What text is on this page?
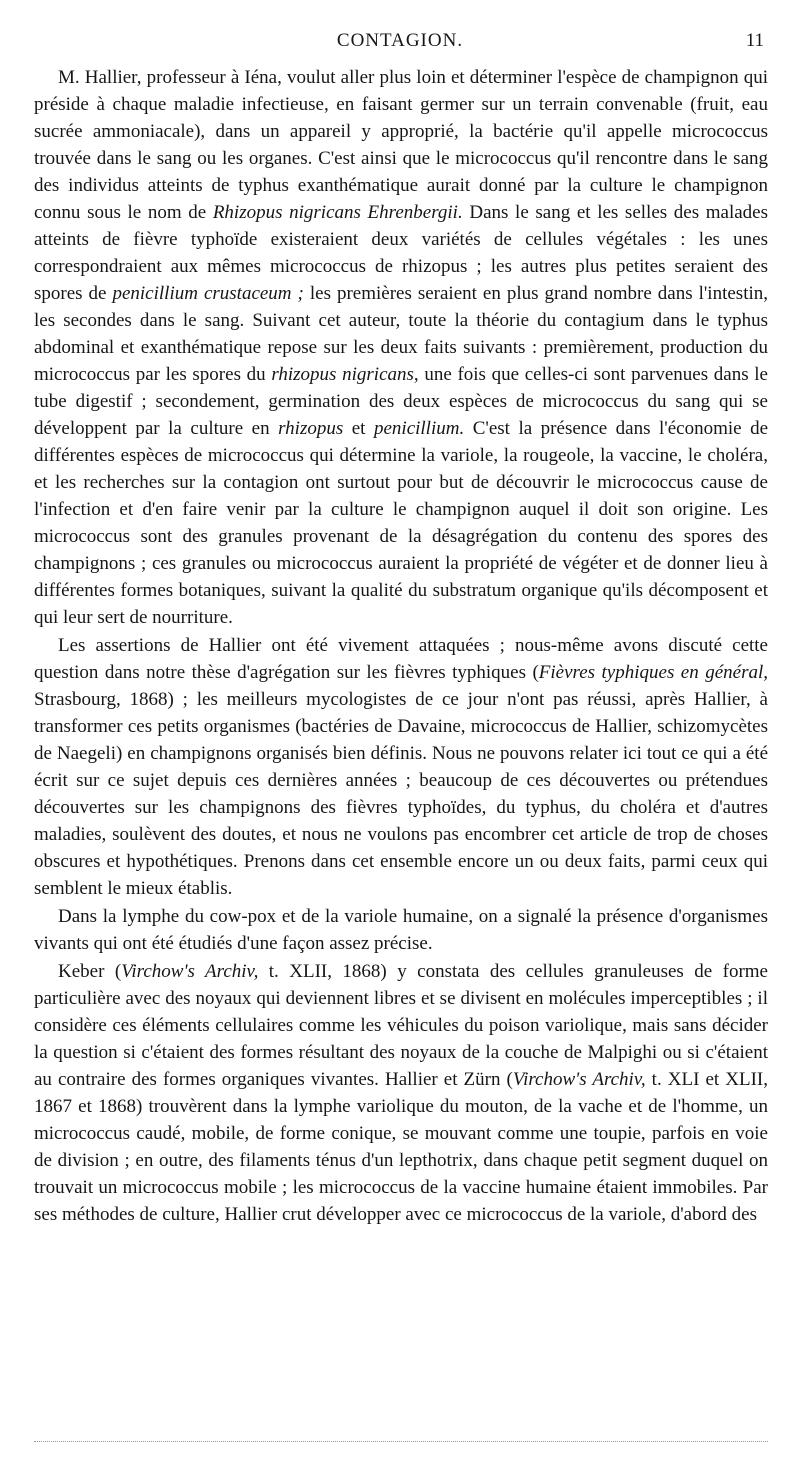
CONTAGION.	11

M. Hallier, professeur à Iéna, voulut aller plus loin et déterminer l'espèce de champignon qui préside à chaque maladie infectieuse, en faisant germer sur un terrain convenable (fruit, eau sucrée ammoniacale), dans un appareil y approprié, la bactérie qu'il appelle micrococcus trouvée dans le sang ou les organes. C'est ainsi que le micrococcus qu'il rencontre dans le sang des individus atteints de typhus exanthématique aurait donné par la culture le champignon connu sous le nom de Rhizopus nigricans Ehrenbergii. Dans le sang et les selles des malades atteints de fièvre typhoïde existeraient deux variétés de cellules végétales : les unes correspondraient aux mêmes micrococcus de rhizopus ; les autres plus petites seraient des spores de penicillium crustaceum ; les premières seraient en plus grand nombre dans l'intestin, les secondes dans le sang. Suivant cet auteur, toute la théorie du contagium dans le typhus abdominal et exanthématique repose sur les deux faits suivants : premièrement, production du micrococcus par les spores du rhizopus nigricans, une fois que celles-ci sont parvenues dans le tube digestif ; secondement, germination des deux espèces de micrococcus du sang qui se développent par la culture en rhizopus et penicillium. C'est la présence dans l'économie de différentes espèces de micrococcus qui détermine la variole, la rougeole, la vaccine, le choléra, et les recherches sur la contagion ont surtout pour but de découvrir le micrococcus cause de l'infection et d'en faire venir par la culture le champignon auquel il doit son origine. Les micrococcus sont des granules provenant de la désagrégation du contenu des spores des champignons ; ces granules ou micrococcus auraient la propriété de végéter et de donner lieu à différentes formes botaniques, suivant la qualité du substratum organique qu'ils décomposent et qui leur sert de nourriture.

Les assertions de Hallier ont été vivement attaquées ; nous-même avons discuté cette question dans notre thèse d'agrégation sur les fièvres typhiques (Fièvres typhiques en général, Strasbourg, 1868) ; les meilleurs mycologistes de ce jour n'ont pas réussi, après Hallier, à transformer ces petits organismes (bactéries de Davaine, micrococcus de Hallier, schizomycètes de Naegeli) en champignons organisés bien définis. Nous ne pouvons relater ici tout ce qui a été écrit sur ce sujet depuis ces dernières années ; beaucoup de ces découvertes ou prétendues découvertes sur les champignons des fièvres typhoïdes, du typhus, du choléra et d'autres maladies, soulèvent des doutes, et nous ne voulons pas encombrer cet article de trop de choses obscures et hypothétiques. Prenons dans cet ensemble encore un ou deux faits, parmi ceux qui semblent le mieux établis.

Dans la lymphe du cow-pox et de la variole humaine, on a signalé la présence d'organismes vivants qui ont été étudiés d'une façon assez précise.

Keber (Virchow's Archiv, t. XLII, 1868) y constata des cellules granuleuses de forme particulière avec des noyaux qui deviennent libres et se divisent en molécules imperceptibles ; il considère ces éléments cellulaires comme les véhicules du poison variolique, mais sans décider la question si c'étaient des formes résultant des noyaux de la couche de Malpighi ou si c'étaient au contraire des formes organiques vivantes. Hallier et Zürn (Virchow's Archiv, t. XLI et XLII, 1867 et 1868) trouvèrent dans la lymphe variolique du mouton, de la vache et de l'homme, un micrococcus caudé, mobile, de forme conique, se mouvant comme une toupie, parfois en voie de division ; en outre, des filaments ténus d'un lepthotrix, dans chaque petit segment duquel on trouvait un micrococcus mobile ; les micrococcus de la vaccine humaine étaient immobiles. Par ses méthodes de culture, Hallier crut développer avec ce micrococcus de la variole, d'abord des
